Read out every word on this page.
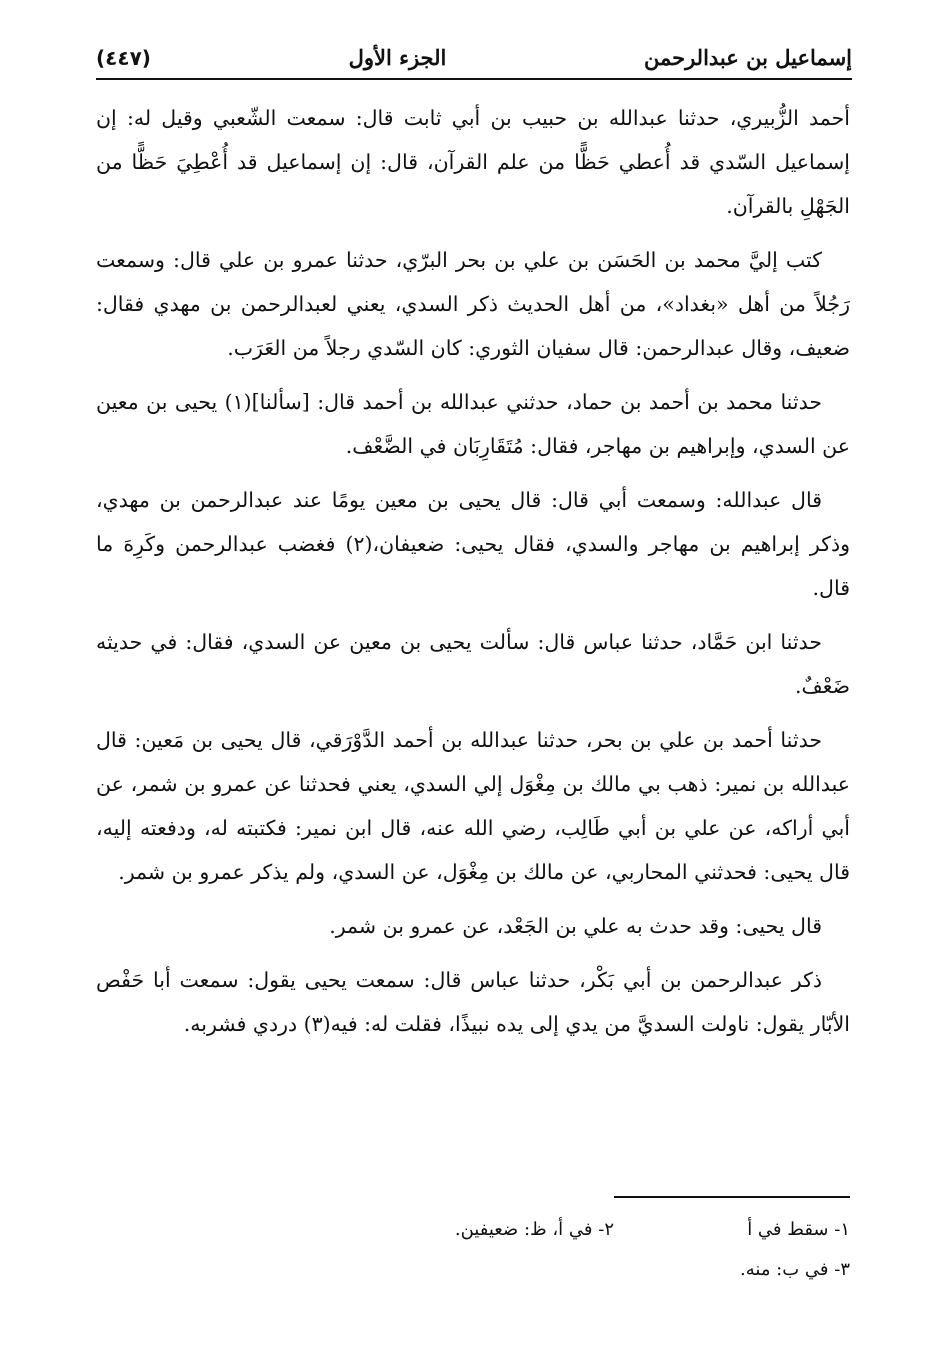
إسماعيل بن عبدالرحمن
الجزء الأول
(٤٤٧)

أحمد الزُّبيري، حدثنا عبدالله بن حبيب بن أبي ثابت قال: سمعت الشّعبي وقيل له: إن إسماعيل السّدي قد أُعطي حَظًّا من علم القرآن، قال: إن إسماعيل قد أُعْطِيَ حَظًّا من الجَهْلِ بالقرآن.

كتب إليَّ محمد بن الحَسَن بن علي بن بحر البرّي، حدثنا عمرو بن علي قال: وسمعت رَجُلاً من أهل «بغداد»، من أهل الحديث ذكر السدي، يعني لعبدالرحمن بن مهدي فقال: ضعيف، وقال عبدالرحمن: قال سفيان الثوري: كان السّدي رجلاً من العَرَب.

حدثنا محمد بن أحمد بن حماد، حدثني عبدالله بن أحمد قال: [سألنا](١) يحيى بن معين عن السدي، وإبراهيم بن مهاجر، فقال: مُتَقَارِبَان في الضَّعْف.

قال عبدالله: وسمعت أبي قال: قال يحيى بن معين يومًا عند عبدالرحمن بن مهدي، وذكر إبراهيم بن مهاجر والسدي، فقال يحيى: ضعيفان،(٢) فغضب عبدالرحمن وكَرِهَ ما قال.

حدثنا ابن حَمَّاد، حدثنا عباس قال: سألت يحيى بن معين عن السدي، فقال: في حديثه ضَعْفٌ.

حدثنا أحمد بن علي بن بحر، حدثنا عبدالله بن أحمد الدَّوْرَقي، قال يحيى بن مَعين: قال عبدالله بن نمير: ذهب بي مالك بن مِغْوَل إلي السدي، يعني فحدثنا عن عمرو بن شمر، عن أبي أراكه، عن علي بن أبي طَالِب، رضي الله عنه، قال ابن نمير: فكتبته له، ودفعته إليه، قال يحيى: فحدثني المحاربي، عن مالك بن مِغْوَل، عن السدي، ولم يذكر عمرو بن شمر.

قال يحيى: وقد حدث به علي بن الجَعْد، عن عمرو بن شمر.

ذكر عبدالرحمن بن أبي بَكْر، حدثنا عباس قال: سمعت يحيى يقول: سمعت أبا حَفْص الأبّار يقول: ناولت السديَّ من يدي إلى يده نبيذًا، فقلت له: فيه(٣) دردي فشربه.

١- سقط في أ
٢- في أ، ظ: ضعيفين.
٣- في ب: منه.
